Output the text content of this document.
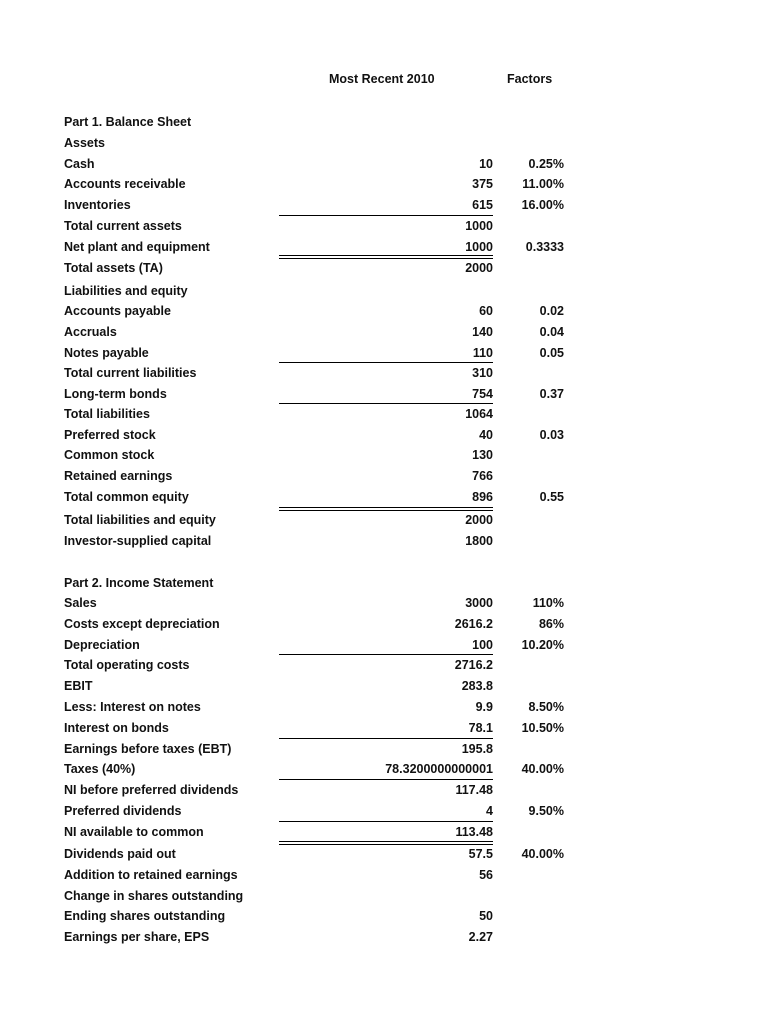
Most Recent 2010	Factors
Part 1. Balance Sheet
Assets
Cash	10	0.25%
Accounts receivable	375 11.00%
Inventories	615 16.00%
Total current assets	1000
Net plant and equipment	1000	0.3333
Total assets (TA)	2000
Liabilities and equity
Accounts payable	60	0.02
Accruals	140	0.04
Notes payable	110	0.05
Total current liabilities	310
Long-term bonds	754	0.37
Total liabilities	1064
Preferred stock	40	0.03
Common stock	130
Retained earnings	766
Total common equity	896	0.55
Total liabilities and equity	2000
Investor-supplied capital	1800
Part 2. Income Statement
Sales	3000	110%
Costs except depreciation	2616.2	86%
Depreciation	100 10.20%
Total operating costs	2716.2
EBIT	283.8
Less: Interest on notes	9.9	8.50%
Interest on bonds	78.1 10.50%
Earnings before taxes (EBT)	195.8
Taxes (40%)	78.3200000000001 40.00%
NI before preferred dividends	117.48
Preferred dividends	4	9.50%
NI available to common	113.48
Dividends paid out	57.5 40.00%
Addition to retained earnings	56
Change in shares outstanding
Ending shares outstanding	50
Earnings per share, EPS	2.27
